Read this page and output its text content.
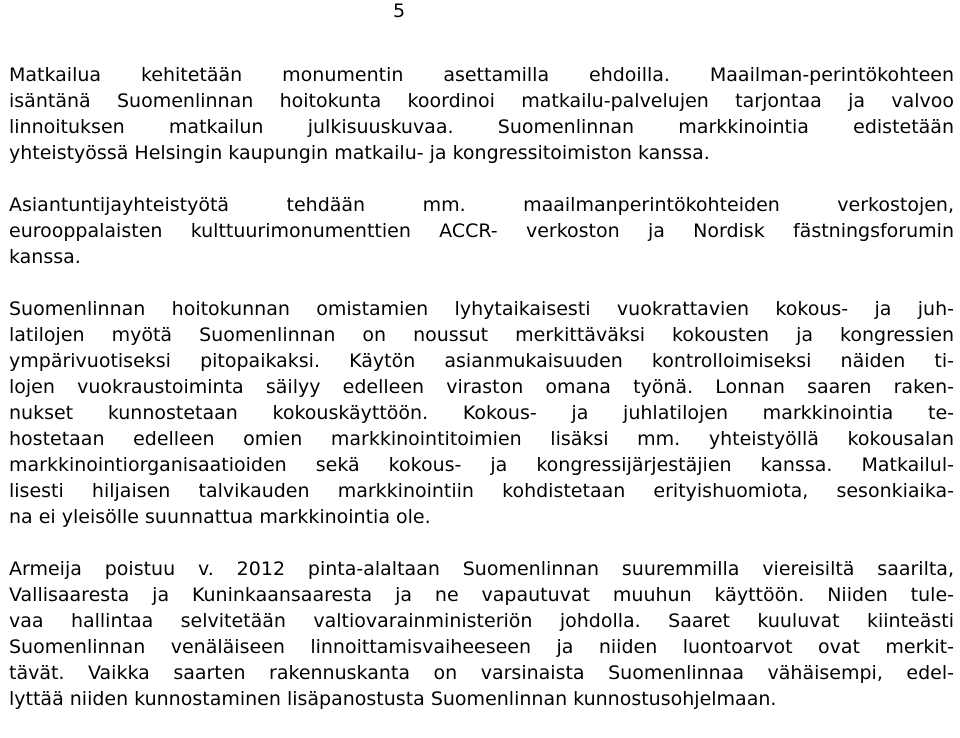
5
Matkailua kehitetään monumentin asettamilla ehdoilla. Maailman-perintökohteen
isäntänä Suomenlinnan hoitokunta koordinoi matkailu-palvelujen tarjontaa ja valvoo
linnoituksen matkailun julkisuuskuvaa. Suomenlinnan markkinointia edistetään
yhteistyössä Helsingin kaupungin matkailu- ja kongressitoimiston kanssa.
Asiantuntijayhteistyötä tehdään mm. maailmanperintökohteiden verkostojen,
eurooppalaisten kulttuurimonumenttien ACCR- verkoston ja Nordisk fästningsforumin
kanssa.
Suomenlinnan hoitokunnan omistamien lyhytaikaisesti vuokrattavien kokous- ja juh-
latilojen myötä Suomenlinnan on noussut merkittäväksi kokousten ja kongressien
ympärivuotiseksi pitopaikaksi. Käytön asianmukaisuuden kontrolloimiseksi näiden ti-
lojen vuokraustoiminta säilyy edelleen viraston omana työnä. Lonnan saaren raken-
nukset kunnostetaan kokouskäyttöön. Kokous- ja juhlatilojen markkinointia te-
hostetaan edelleen omien markkinointitoimien lisäksi mm. yhteistyöllä kokousalan
markkinointiorganisaatioiden sekä kokous- ja kongressijärjestäjien kanssa. Matkailul-
lisesti hiljaisen talvikauden markkinointiin kohdistetaan erityishuomiota, sesonkiaika-
na ei yleisölle suunnattua markkinointia ole.
Armeija poistuu v. 2012 pinta-alaltaan Suomenlinnan suuremmilla viereisiltä saarilta,
Vallisaaresta ja Kuninkaansaaresta ja ne vapautuvat muuhun käyttöön. Niiden tule-
vaa hallintaa selvitetään valtiovarainministeriön johdolla. Saaret kuuluvat kiinteästi
Suomenlinnan venäläiseen linnoittamisvaiheeseen ja niiden luontoarvot ovat merkit-
tävät. Vaikka saarten rakennuskanta on varsinaista Suomenlinnaa vähäisempi, edel-
lyttää niiden kunnostaminen lisäpanostusta Suomenlinnan kunnostusohjelmaan.
